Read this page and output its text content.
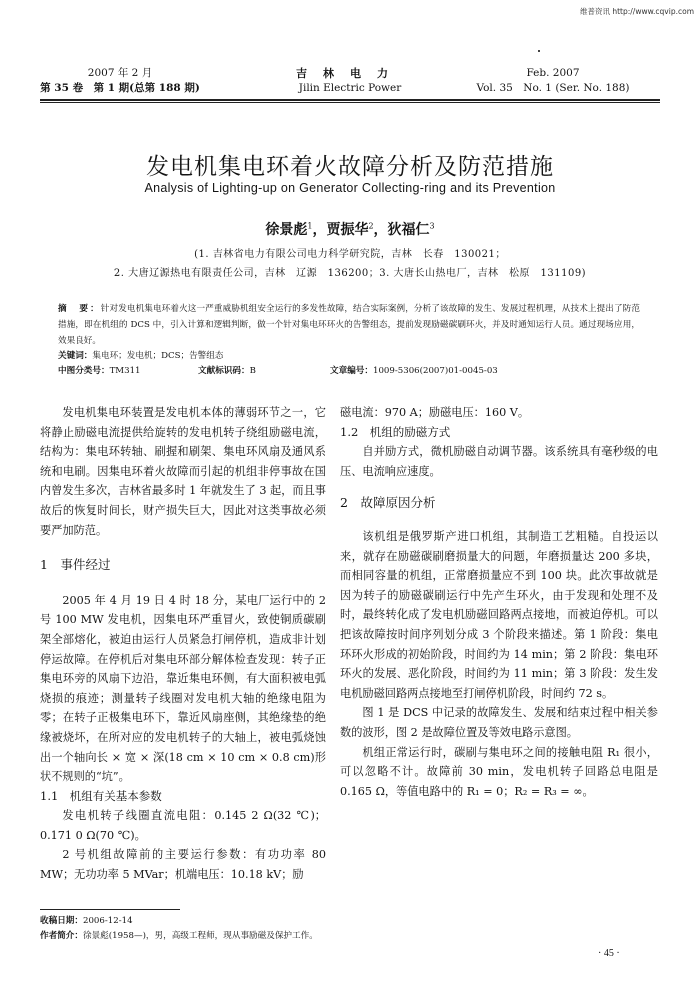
维普资讯 http://www.cqvip.com
2007 年 2 月
第 35 卷　第 1 期(总第 188 期)
吉林电力
Jilin Electric Power
Feb. 2007
Vol. 35　No. 1 (Ser. No. 188)
发电机集电环着火故障分析及防范措施
Analysis of Lighting-up on Generator Collecting-ring and its Prevention
徐景彪$^1$，贾振华$^2$，狄福仁$^3$
(1. 吉林省电力有限公司电力科学研究院，吉林　长春　130021；
2. 大唐辽源热电有限责任公司，吉林　辽源　136200；3. 大唐长山热电厂，吉林　松原　131109)
摘　要：针对发电机集电环着火这一严重威胁机组安全运行的多发性故障，结合实际案例，分析了该故障的发生、发展过程机理，从技术上提出了防范措施，即在机组的 DCS 中，引入计算和逻辑判断，做一个针对集电环环火的告警组态，提前发现励磁碳刷环火，并及时通知运行人员。通过现场应用，效果良好。
关键词：集电环；发电机；DCS；告警组态
中图分类号：TM311	文献标识码：B	文章编号：1009-5306(2007)01-0045-03

发电机集电环装置是发电机本体的薄弱环节之一，它将静止励磁电流提供给旋转的发电机转子绕组励磁电流，结构为：集电环转轴、刷握和刷架、集电环风扇及通风系统和电刷。因集电环着火故障而引起的机组非停事故在国内曾发生多次，吉林省最多时 1 年就发生了 3 起，而且事故后的恢复时间长，财产损失巨大，因此对这类事故必须要严加防范。

1　事件经过

2005 年 4 月 19 日 4 时 18 分，某电厂运行中的 2 号 100 MW 发电机，因集电环严重冒火，致使铜质碳刷架全部熔化，被迫由运行人员紧急打闸停机，造成非计划停运故障。在停机后对集电环部分解体检查发现：转子正集电环旁的风扇下边沿，靠近集电环侧，有大面积被电弧烧损的痕迹；测量转子线圈对发电机大轴的绝缘电阻为零；在转子正极集电环下，靠近风扇座侧，其绝缘垫的绝缘被烧坏，在所对应的发电机转子的大轴上，被电弧烧蚀出一个轴向长 × 宽 × 深(18 cm × 10 cm × 0.8 cm)形状不规则的“坑”。

1.1　机组有关基本参数

发电机转子线圈直流电阻：0.145 2 Ω(32 ℃)；0.171 0 Ω(70 ℃)。

2 号机组故障前的主要运行参数：有功功率 80 MW；无功功率 5 MVar；机端电压：10.18 kV；励

磁电流：970 A；励磁电压：160 V。

1.2　机组的励磁方式

自并励方式，微机励磁自动调节器。该系统具有毫秒级的电压、电流响应速度。

2　故障原因分析

该机组是俄罗斯产进口机组，其制造工艺粗糙。自投运以来，就存在励磁碳刷磨损量大的问题，年磨损量达 200 多块，而相同容量的机组，正常磨损量应不到 100 块。此次事故就是因为转子的励磁碳刷运行中先产生环火，由于发现和处理不及时，最终转化成了发电机励磁回路两点接地，而被迫停机。可以把该故障按时间序列划分成 3 个阶段来描述。第 1 阶段：集电环环火形成的初始阶段，时间约为 14 min；第 2 阶段：集电环环火的发展、恶化阶段，时间约为 11 min；第 3 阶段：发生发电机励磁回路两点接地至打闸停机阶段，时间约 72 s。

图 1 是 DCS 中记录的故障发生、发展和结束过程中相关参数的波形，图 2 是故障位置及等效电路示意图。

机组正常运行时，碳刷与集电环之间的接触电阻 R₁ 很小，可以忽略不计。故障前 30 min，发电机转子回路总电阻是 0.165 Ω，等值电路中的 R₁ = 0；R₂ = R₃ = ∞。

收稿日期：2006-12-14
作者简介：徐景彪(1958—)，男，高级工程师，现从事励磁及保护工作。
· 45 ·
